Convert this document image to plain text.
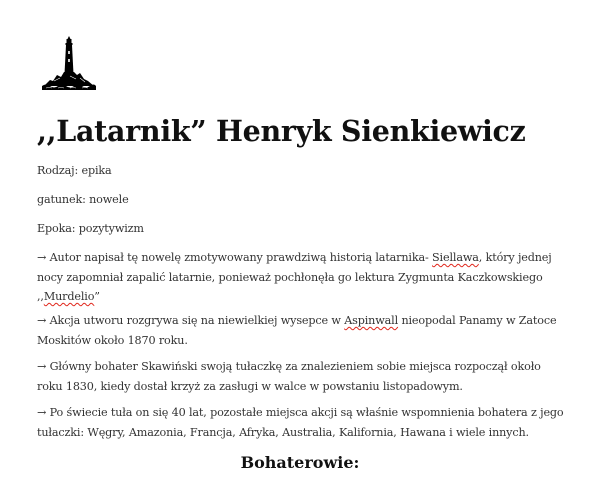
,,Latarnik” Henryk Sienkiewicz

Rodzaj: epika

gatunek: nowele

Epoka: pozytywizm

→ Autor napisał tę nowelę zmotywowany prawdziwą historią latarnika- Siellawa, który jednej
nocy zapomniał zapalić latarnie, ponieważ pochłonęła go lektura Zygmunta Kaczkowskiego
,,Murdelio”

→ Akcja utworu rozgrywa się na niewielkiej wysepce w Aspinwall nieopodal Panamy w Zatoce
Moskitów około 1870 roku.

→ Główny bohater Skawiński swoją tułaczkę za znalezieniem sobie miejsca rozpoczął około
roku 1830, kiedy dostał krzyż za zasługi w walce w powstaniu listopadowym.

→ Po świecie tuła on się 40 lat, pozostałe miejsca akcji są właśnie wspomnienia bohatera z jego
tułaczki: Węgry, Amazonia, Francja, Afryka, Australia, Kalifornia, Hawana i wiele innych.

Bohaterowie:
